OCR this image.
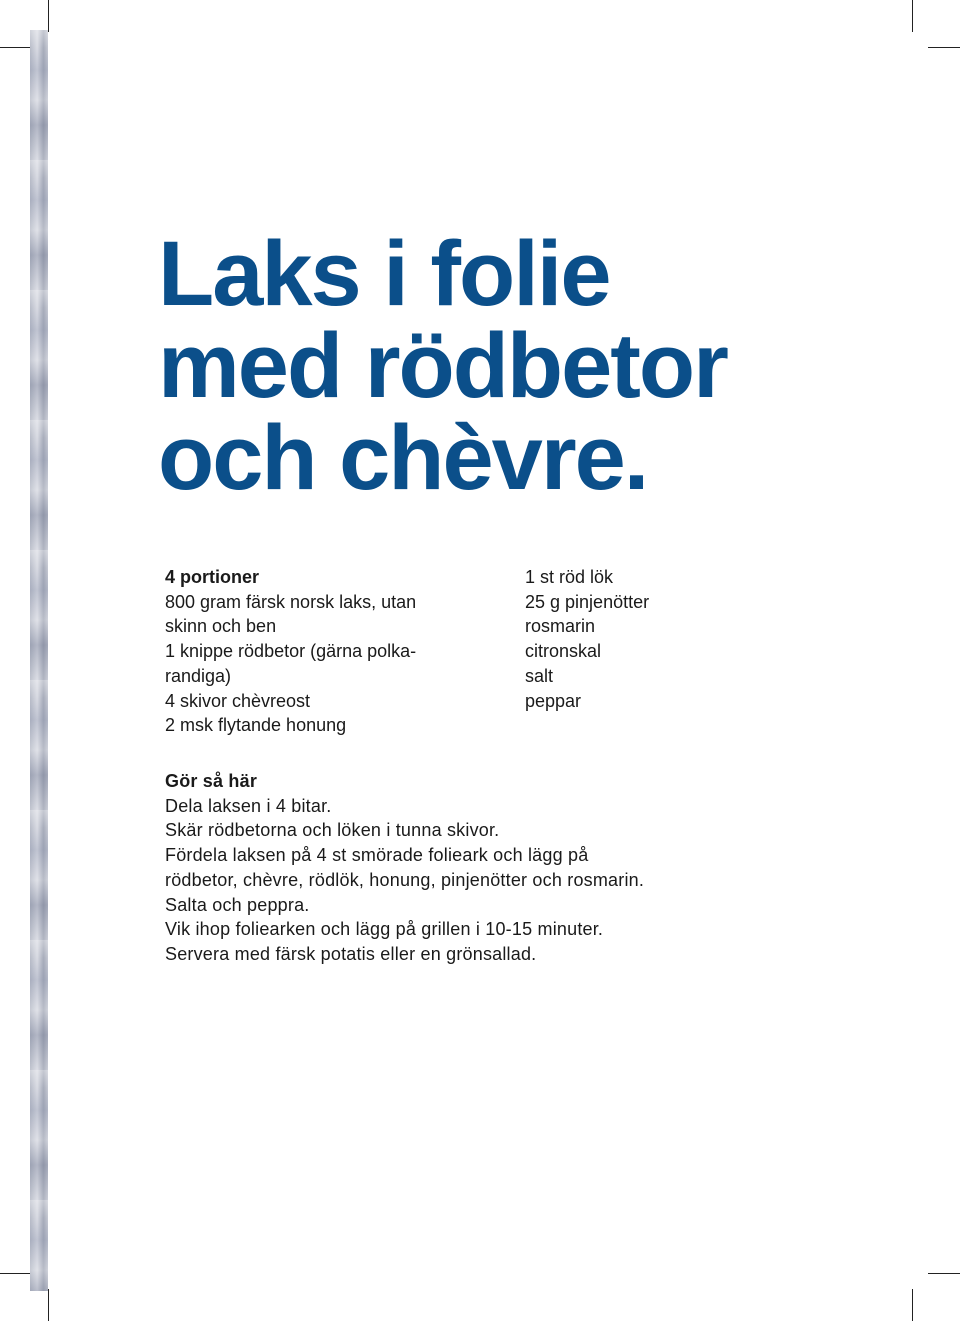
Laks i folie
med rödbetor
och chèvre.
4 portioner
800 gram färsk norsk laks, utan
skinn och ben
1 knippe rödbetor (gärna polka-
randiga)
4 skivor chèvreost
2 msk flytande honung
1 st röd lök
25 g pinjenötter
rosmarin
citronskal
salt
peppar
Gör så här
Dela laksen i 4 bitar.
Skär rödbetorna och löken i tunna skivor.
Fördela laksen på 4 st smörade folieark och lägg på
rödbetor, chèvre, rödlök, honung, pinjenötter och rosmarin.
Salta och peppra.
Vik ihop foliearken och lägg på grillen i 10-15 minuter.
Servera med färsk potatis eller en grönsallad.
